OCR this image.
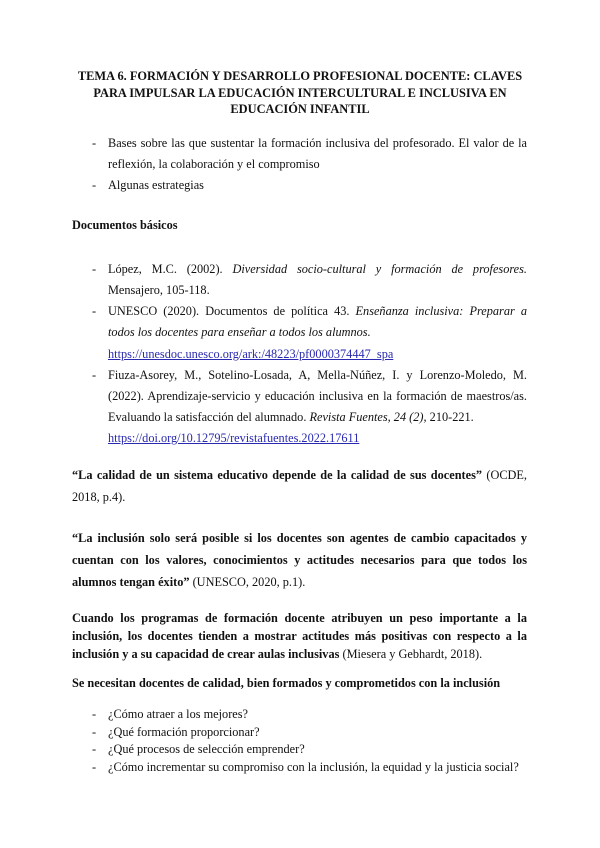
TEMA 6. FORMACIÓN Y DESARROLLO PROFESIONAL DOCENTE: CLAVES
PARA IMPULSAR LA EDUCACIÓN INTERCULTURAL E INCLUSIVA EN
EDUCACIÓN INFANTIL
- Bases sobre las que sustentar la formación inclusiva del profesorado. El valor de la reflexión, la colaboración y el compromiso
- Algunas estrategias
Documentos básicos
- López, M.C. (2002). Diversidad socio-cultural y formación de profesores. Mensajero, 105-118.
- UNESCO (2020). Documentos de política 43. Enseñanza inclusiva: Preparar a todos los docentes para enseñar a todos los alumnos.
https://unesdoc.unesco.org/ark:/48223/pf0000374447_spa
- Fiuza-Asorey, M., Sotelino-Losada, A, Mella-Núñez, I. y Lorenzo-Moledo, M. (2022). Aprendizaje-servicio y educación inclusiva en la formación de maestros/as. Evaluando la satisfacción del alumnado. Revista Fuentes, 24 (2), 210-221.
https://doi.org/10.12795/revistafuentes.2022.17611
“La calidad de un sistema educativo depende de la calidad de sus docentes” (OCDE, 2018, p.4).
“La inclusión solo será posible si los docentes son agentes de cambio capacitados y cuentan con los valores, conocimientos y actitudes necesarios para que todos los alumnos tengan éxito” (UNESCO, 2020, p.1).
Cuando los programas de formación docente atribuyen un peso importante a la inclusión, los docentes tienden a mostrar actitudes más positivas con respecto a la inclusión y a su capacidad de crear aulas inclusivas (Miesera y Gebhardt, 2018).
Se necesitan docentes de calidad, bien formados y comprometidos con la inclusión
- ¿Cómo atraer a los mejores?
- ¿Qué formación proporcionar?
- ¿Qué procesos de selección emprender?
- ¿Cómo incrementar su compromiso con la inclusión, la equidad y la justicia social?
